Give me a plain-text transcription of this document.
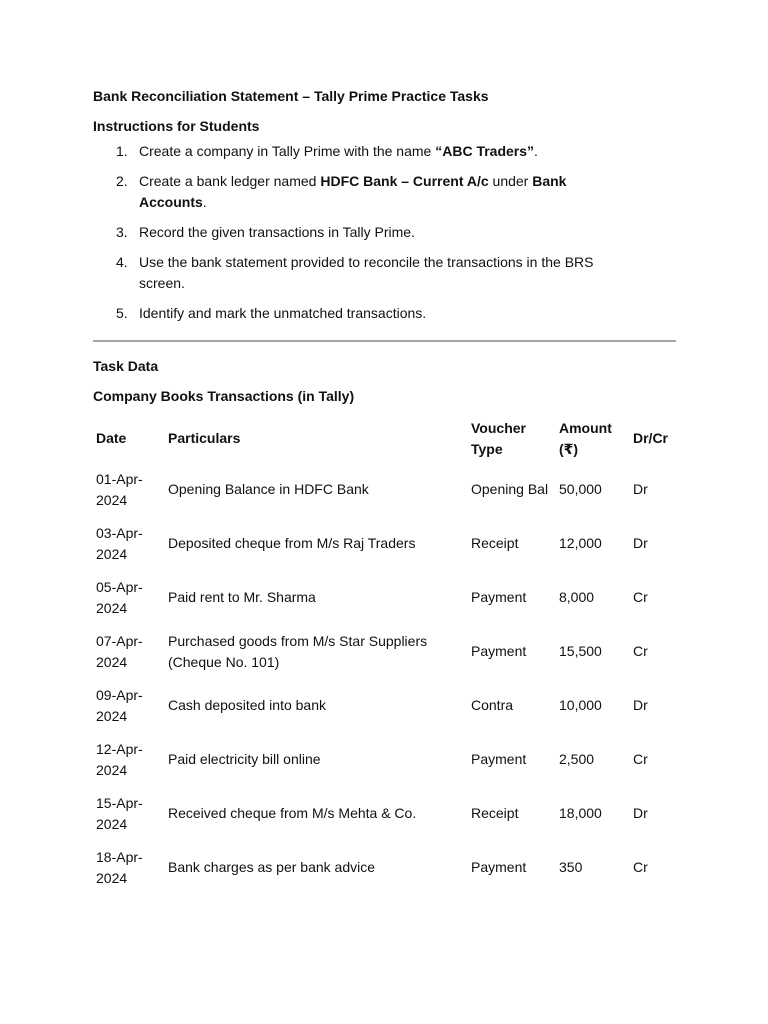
Bank Reconciliation Statement – Tally Prime Practice Tasks

Instructions for Students

1. Create a company in Tally Prime with the name “ABC Traders”.
2. Create a bank ledger named HDFC Bank – Current A/c under Bank Accounts.
3. Record the given transactions in Tally Prime.
4. Use the bank statement provided to reconcile the transactions in the BRS screen.
5. Identify and mark the unmatched transactions.

Task Data

Company Books Transactions (in Tally)

Date	Particulars	Voucher Type	Amount (₹)	Dr/Cr
01-Apr-2024	Opening Balance in HDFC Bank	Opening Bal	50,000	Dr
03-Apr-2024	Deposited cheque from M/s Raj Traders	Receipt	12,000	Dr
05-Apr-2024	Paid rent to Mr. Sharma	Payment	8,000	Cr
07-Apr-2024	Purchased goods from M/s Star Suppliers (Cheque No. 101)	Payment	15,500	Cr
09-Apr-2024	Cash deposited into bank	Contra	10,000	Dr
12-Apr-2024	Paid electricity bill online	Payment	2,500	Cr
15-Apr-2024	Received cheque from M/s Mehta & Co.	Receipt	18,000	Dr
18-Apr-2024	Bank charges as per bank advice	Payment	350	Cr
